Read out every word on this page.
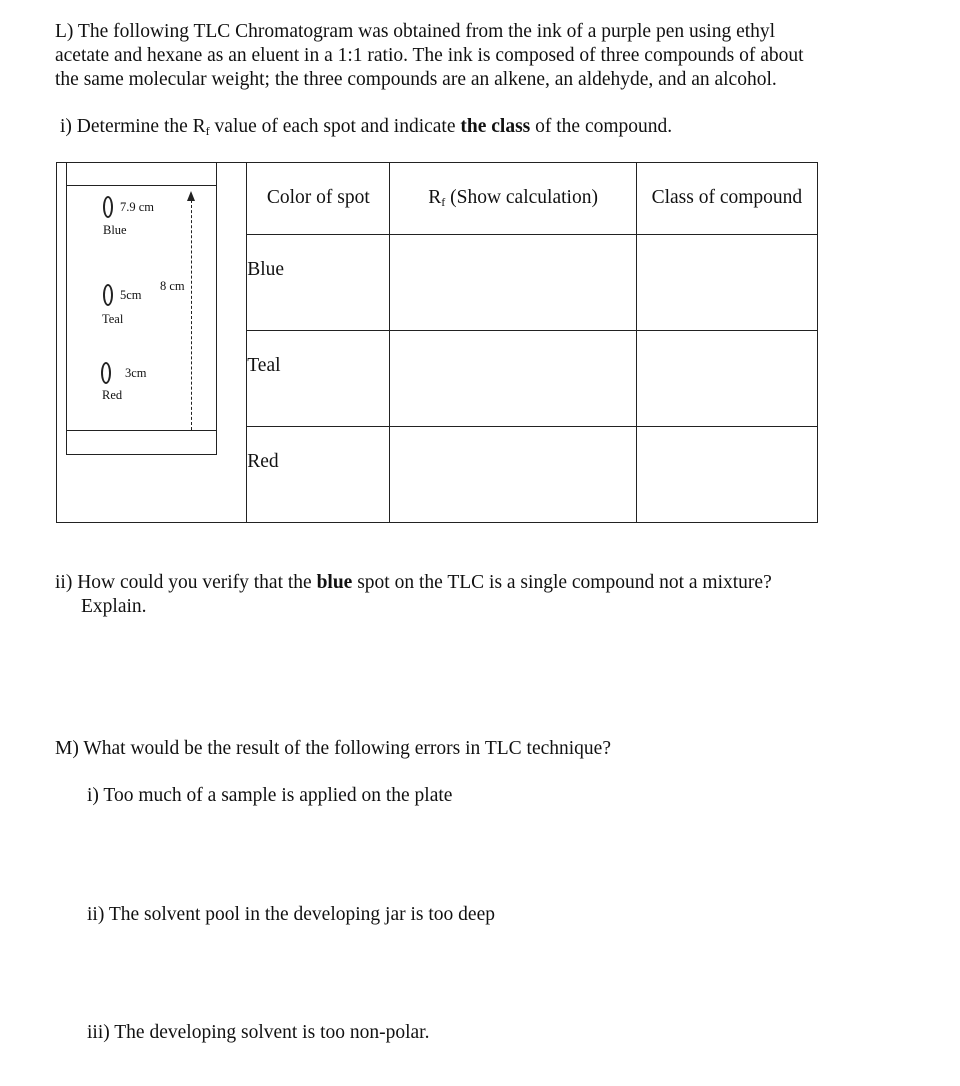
L) The following TLC Chromatogram was obtained from the ink of a purple pen using ethyl
acetate and hexane as an eluent in a 1:1 ratio. The ink is composed of three compounds of about
the same molecular weight; the three compounds are an alkene, an aldehyde, and an alcohol.

i) Determine the $R_f$ value of each spot and indicate the class of the compound.

	Color of spot	$R_f$ (Show calculation)	Class of compound

	Blue		

	Teal		

	Red		

7.9 cm
Blue
5cm
Teal
3cm
Red
8 cm
ii) How could you verify that the blue spot on the TLC is a single compound not a mixture?
Explain.
M) What would be the result of the following errors in TLC technique?
i) Too much of a sample is applied on the plate
ii) The solvent pool in the developing jar is too deep
iii) The developing solvent is too non-polar.
